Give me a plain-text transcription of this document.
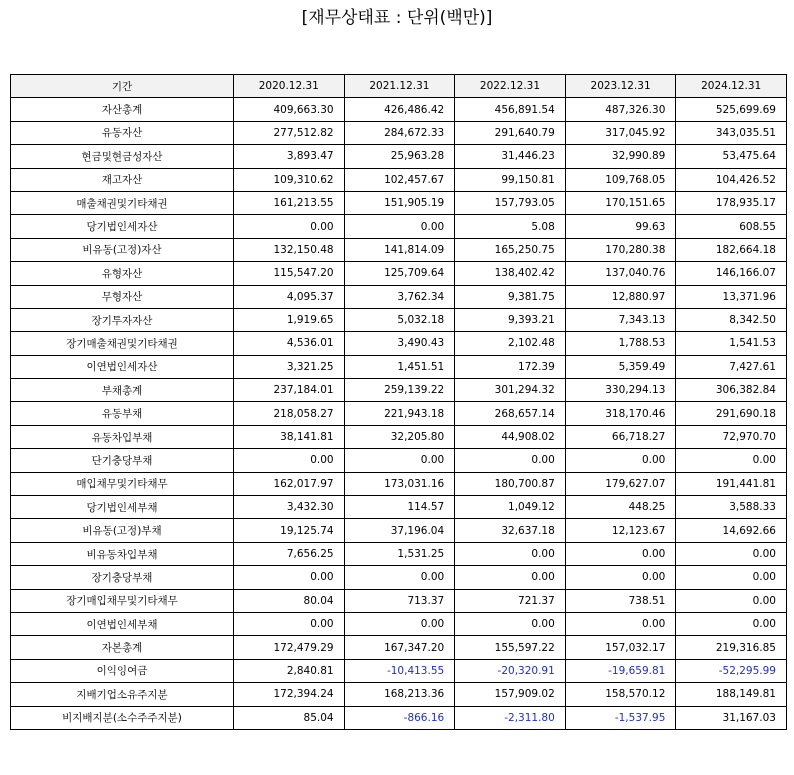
[재무상태표 : 단위(백만)]
기간	2020.12.31	2021.12.31	2022.12.31	2023.12.31	2024.12.31
자산총계	409,663.30	426,486.42	456,891.54	487,326.30	525,699.69
유동자산	277,512.82	284,672.33	291,640.79	317,045.92	343,035.51
현금및현금성자산	3,893.47	25,963.28	31,446.23	32,990.89	53,475.64
재고자산	109,310.62	102,457.67	99,150.81	109,768.05	104,426.52
매출채권및기타채권	161,213.55	151,905.19	157,793.05	170,151.65	178,935.17
당기법인세자산	0.00	0.00	5.08	99.63	608.55
비유동(고정)자산	132,150.48	141,814.09	165,250.75	170,280.38	182,664.18
유형자산	115,547.20	125,709.64	138,402.42	137,040.76	146,166.07
무형자산	4,095.37	3,762.34	9,381.75	12,880.97	13,371.96
장기투자자산	1,919.65	5,032.18	9,393.21	7,343.13	8,342.50
장기매출채권및기타채권	4,536.01	3,490.43	2,102.48	1,788.53	1,541.53
이연법인세자산	3,321.25	1,451.51	172.39	5,359.49	7,427.61
부채총계	237,184.01	259,139.22	301,294.32	330,294.13	306,382.84
유동부채	218,058.27	221,943.18	268,657.14	318,170.46	291,690.18
유동차입부채	38,141.81	32,205.80	44,908.02	66,718.27	72,970.70
단기충당부채	0.00	0.00	0.00	0.00	0.00
매입채무및기타채무	162,017.97	173,031.16	180,700.87	179,627.07	191,441.81
당기법인세부채	3,432.30	114.57	1,049.12	448.25	3,588.33
비유동(고정)부채	19,125.74	37,196.04	32,637.18	12,123.67	14,692.66
비유동차입부채	7,656.25	1,531.25	0.00	0.00	0.00
장기충당부채	0.00	0.00	0.00	0.00	0.00
장기매입채무및기타채무	80.04	713.37	721.37	738.51	0.00
이연법인세부채	0.00	0.00	0.00	0.00	0.00
자본총계	172,479.29	167,347.20	155,597.22	157,032.17	219,316.85
이익잉여금	2,840.81	-10,413.55	-20,320.91	-19,659.81	-52,295.99
지배기업소유주지분	172,394.24	168,213.36	157,909.02	158,570.12	188,149.81
비지배지분(소수주주지분)	85.04	-866.16	-2,311.80	-1,537.95	31,167.03
